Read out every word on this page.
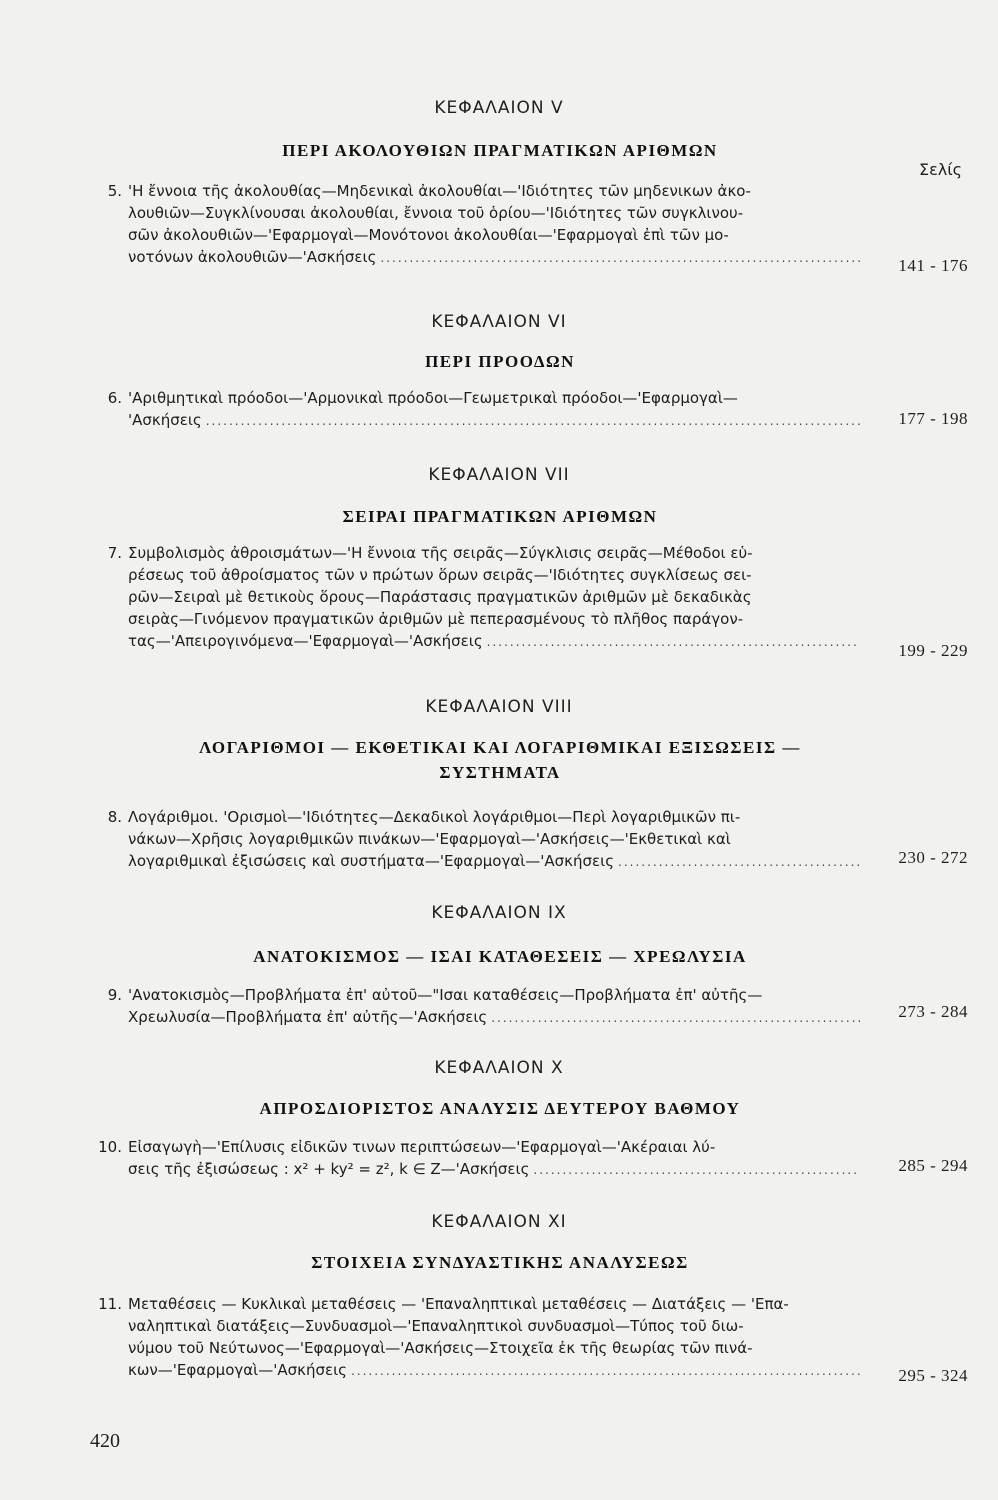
Σελίς
ΚΕΦΑΛΑΙΟΝ V
ΠΕΡΙ ΑΚΟΛΟΥΘΙΩΝ ΠΡΑΓΜΑΤΙΚΩΝ ΑΡΙΘΜΩΝ
5. 'Η ἔννοια τῆς ἀκολουθίας—Μηδενικαὶ ἀκολουθίαι—'Ιδιότητες τῶν μηδενικων ἀκο-
λουθιῶν—Συγκλίνουσαι ἀκολουθίαι, ἔννοια τοῦ ὁρίου—'Ιδιότητες τῶν συγκλινου-
σῶν ἀκολουθιῶν—'Εφαρμογαὶ—Μονότονοι ἀκολουθίαι—'Εφαρμογαὶ ἐπὶ τῶν μο-
νοτόνων ἀκολουθιῶν—'Ασκήσεις .....	141 - 176
ΚΕΦΑΛΑΙΟΝ VI
ΠΕΡΙ ΠΡΟΟΔΩΝ
6. 'Αριθμητικαὶ πρόοδοι—'Αρμονικαὶ πρόοδοι—Γεωμετρικαὶ πρόοδοι—'Εφαρμογαὶ—
'Ασκήσεις .....	177 - 198
ΚΕΦΑΛΑΙΟΝ VII
ΣΕΙΡΑΙ ΠΡΑΓΜΑΤΙΚΩΝ ΑΡΙΘΜΩΝ
7. Συμβολισμὸς ἀθροισμάτων—'Η ἔννοια τῆς σειρᾶς—Σύγκλισις σειρᾶς—Μέθοδοι εὑ-
ρέσεως τοῦ ἀθροίσματος τῶν ν πρώτων ὅρων σειρᾶς—'Ιδιότητες συγκλίσεως σει-
ρῶν—Σειραὶ μὲ θετικοὺς ὅρους—Παράστασις πραγματικῶν ἀριθμῶν μὲ δεκαδικὰς
σειρὰς—Γινόμενον πραγματικῶν ἀριθμῶν μὲ πεπερασμένους τὸ πλῆθος παράγον-
τας—'Απειρογινόμενα—'Εφαρμογαὶ—'Ασκήσεις .....	199 - 229
ΚΕΦΑΛΑΙΟΝ VIII
ΛΟΓΑΡΙΘΜΟΙ — ΕΚΘΕΤΙΚΑΙ ΚΑΙ ΛΟΓΑΡΙΘΜΙΚΑΙ ΕΞΙΣΩΣΕΙΣ — ΣΥΣΤΗΜΑΤΑ
8. Λογάριθμοι. 'Ορισμοὶ—'Ιδιότητες—Δεκαδικοὶ λογάριθμοι—Περὶ λογαριθμικῶν πι-
νάκων—Χρῆσις λογαριθμικῶν πινάκων—'Εφαρμογαὶ—'Ασκήσεις—'Εκθετικαὶ καὶ
λογαριθμικαὶ ἐξισώσεις καὶ συστήματα—'Εφαρμογαὶ—'Ασκήσεις .....	230 - 272
ΚΕΦΑΛΑΙΟΝ IX
ΑΝΑΤΟΚΙΣΜΟΣ — ΙΣΑΙ ΚΑΤΑΘΕΣΕΙΣ — ΧΡΕΩΛΥΣΙΑ
9. 'Ανατοκισμὸς—Προβλήματα ἐπ' αὐτοῦ—"Ισαι καταθέσεις—Προβλήματα ἐπ' αὐτῆς—
Χρεωλυσία—Προβλήματα ἐπ' αὐτῆς—'Ασκήσεις .....	273 - 284
ΚΕΦΑΛΑΙΟΝ X
ΑΠΡΟΣΔΙΟΡΙΣΤΟΣ ΑΝΑΛΥΣΙΣ ΔΕΥΤΕΡΟΥ ΒΑΘΜΟΥ
10. Εἰσαγωγὴ—'Επίλυσις εἰδικῶν τινων περιπτώσεων—'Εφαρμογαὶ—'Ακέραιαι λύ-
σεις τῆς ἐξισώσεως : x² + ky² = z², k ∈ Z—'Ασκήσεις .....	285 - 294
ΚΕΦΑΛΑΙΟΝ XI
ΣΤΟΙΧΕΙΑ ΣΥΝΔΥΑΣΤΙΚΗΣ ΑΝΑΛΥΣΕΩΣ
11. Μεταθέσεις — Κυκλικαὶ μεταθέσεις — 'Επαναληπτικαὶ μεταθέσεις — Διατάξεις — 'Επα-
ναληπτικαὶ διατάξεις—Συνδυασμοὶ—'Επαναληπτικοὶ συνδυασμοὶ—Τύπος τοῦ διω-
νύμου τοῦ Νεύτωνος—'Εφαρμογαὶ—'Ασκήσεις—Στοιχεῖα ἐκ τῆς θεωρίας τῶν πινά-
κων—'Εφαρμογαὶ—'Ασκήσεις .....	295 - 324
420
